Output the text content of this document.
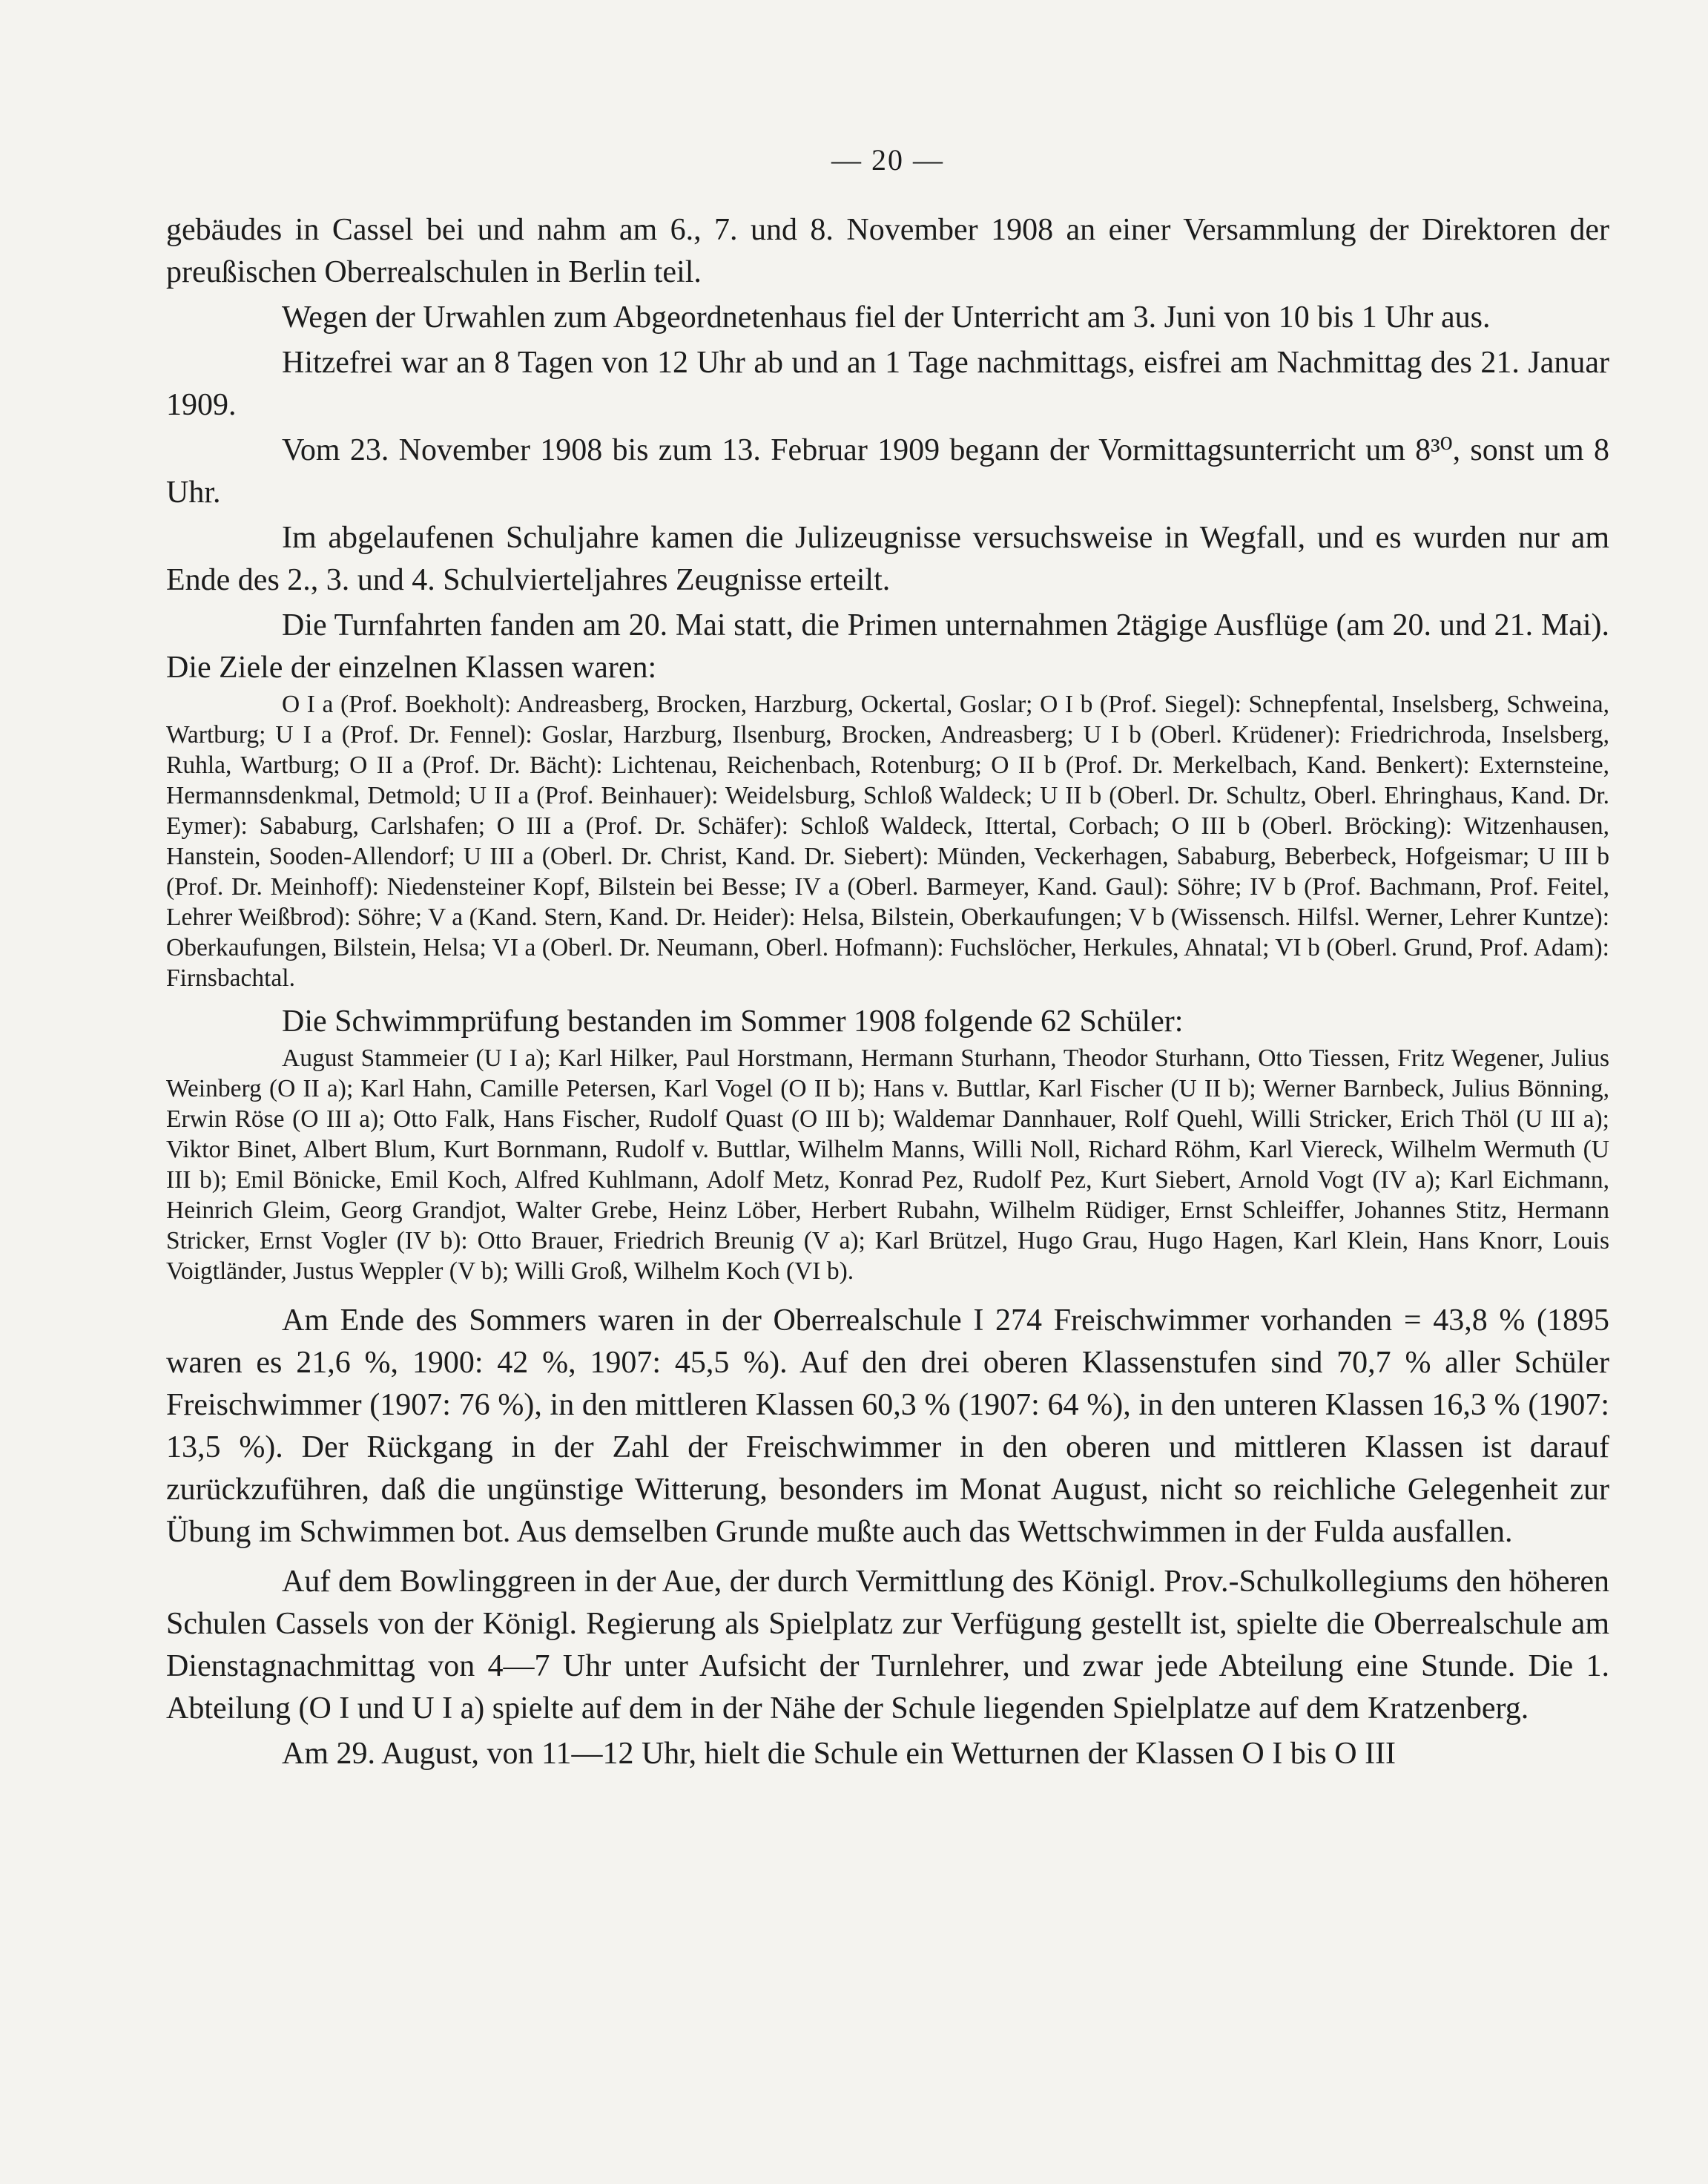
— 20 —

gebäudes in Cassel bei und nahm am 6., 7. und 8. November 1908 an einer Versammlung der Direktoren der preußischen Oberrealschulen in Berlin teil.

Wegen der Urwahlen zum Abgeordnetenhaus fiel der Unterricht am 3. Juni von 10 bis 1 Uhr aus.

Hitzefrei war an 8 Tagen von 12 Uhr ab und an 1 Tage nachmittags, eisfrei am Nachmittag des 21. Januar 1909.

Vom 23. November 1908 bis zum 13. Februar 1909 begann der Vormittagsunterricht um 8³⁰, sonst um 8 Uhr.

Im abgelaufenen Schuljahre kamen die Julizeugnisse versuchsweise in Wegfall, und es wurden nur am Ende des 2., 3. und 4. Schulvierteljahres Zeugnisse erteilt.

Die Turnfahrten fanden am 20. Mai statt, die Primen unternahmen 2tägige Ausflüge (am 20. und 21. Mai). Die Ziele der einzelnen Klassen waren:

O I a (Prof. Boekholt): Andreasberg, Brocken, Harzburg, Ockertal, Goslar; O I b (Prof. Siegel): Schnepfental, Inselsberg, Schweina, Wartburg; U I a (Prof. Dr. Fennel): Goslar, Harzburg, Ilsenburg, Brocken, Andreasberg; U I b (Oberl. Krüdener): Friedrichroda, Inselsberg, Ruhla, Wartburg; O II a (Prof. Dr. Bächt): Lichtenau, Reichenbach, Rotenburg; O II b (Prof. Dr. Merkelbach, Kand. Benkert): Externsteine, Hermannsdenkmal, Detmold; U II a (Prof. Beinhauer): Weidelsburg, Schloß Waldeck; U II b (Oberl. Dr. Schultz, Oberl. Ehringhaus, Kand. Dr. Eymer): Sababurg, Carlshafen; O III a (Prof. Dr. Schäfer): Schloß Waldeck, Ittertal, Corbach; O III b (Oberl. Bröcking): Witzenhausen, Hanstein, Sooden-Allendorf; U III a (Oberl. Dr. Christ, Kand. Dr. Siebert): Münden, Veckerhagen, Sababurg, Beberbeck, Hofgeismar; U III b (Prof. Dr. Meinhoff): Niedensteiner Kopf, Bilstein bei Besse; IV a (Oberl. Barmeyer, Kand. Gaul): Söhre; IV b (Prof. Bachmann, Prof. Feitel, Lehrer Weißbrod): Söhre; V a (Kand. Stern, Kand. Dr. Heider): Helsa, Bilstein, Oberkaufungen; V b (Wissensch. Hilfsl. Werner, Lehrer Kuntze): Oberkaufungen, Bilstein, Helsa; VI a (Oberl. Dr. Neumann, Oberl. Hofmann): Fuchslöcher, Herkules, Ahnatal; VI b (Oberl. Grund, Prof. Adam): Firnsbachtal.

Die Schwimmprüfung bestanden im Sommer 1908 folgende 62 Schüler:

August Stammeier (U I a); Karl Hilker, Paul Horstmann, Hermann Sturhann, Theodor Sturhann, Otto Tiessen, Fritz Wegener, Julius Weinberg (O II a); Karl Hahn, Camille Petersen, Karl Vogel (O II b); Hans v. Buttlar, Karl Fischer (U II b); Werner Barnbeck, Julius Bönning, Erwin Röse (O III a); Otto Falk, Hans Fischer, Rudolf Quast (O III b); Waldemar Dannhauer, Rolf Quehl, Willi Stricker, Erich Thöl (U III a); Viktor Binet, Albert Blum, Kurt Bornmann, Rudolf v. Buttlar, Wilhelm Manns, Willi Noll, Richard Röhm, Karl Viereck, Wilhelm Wermuth (U III b); Emil Bönicke, Emil Koch, Alfred Kuhlmann, Adolf Metz, Konrad Pez, Rudolf Pez, Kurt Siebert, Arnold Vogt (IV a); Karl Eichmann, Heinrich Gleim, Georg Grandjot, Walter Grebe, Heinz Löber, Herbert Rubahn, Wilhelm Rüdiger, Ernst Schleiffer, Johannes Stitz, Hermann Stricker, Ernst Vogler (IV b): Otto Brauer, Friedrich Breunig (V a); Karl Brützel, Hugo Grau, Hugo Hagen, Karl Klein, Hans Knorr, Louis Voigtländer, Justus Weppler (V b); Willi Groß, Wilhelm Koch (VI b).

Am Ende des Sommers waren in der Oberrealschule I 274 Freischwimmer vorhanden = 43,8 % (1895 waren es 21,6 %, 1900: 42 %, 1907: 45,5 %). Auf den drei oberen Klassenstufen sind 70,7 % aller Schüler Freischwimmer (1907: 76 %), in den mittleren Klassen 60,3 % (1907: 64 %), in den unteren Klassen 16,3 % (1907: 13,5 %). Der Rückgang in der Zahl der Freischwimmer in den oberen und mittleren Klassen ist darauf zurückzuführen, daß die ungünstige Witterung, besonders im Monat August, nicht so reichliche Gelegenheit zur Übung im Schwimmen bot. Aus demselben Grunde mußte auch das Wettschwimmen in der Fulda ausfallen.

Auf dem Bowlinggreen in der Aue, der durch Vermittlung des Königl. Prov.-Schulkollegiums den höheren Schulen Cassels von der Königl. Regierung als Spielplatz zur Verfügung gestellt ist, spielte die Oberrealschule am Dienstagnachmittag von 4—7 Uhr unter Aufsicht der Turnlehrer, und zwar jede Abteilung eine Stunde. Die 1. Abteilung (O I und U I a) spielte auf dem in der Nähe der Schule liegenden Spielplatze auf dem Kratzenberg.

Am 29. August, von 11—12 Uhr, hielt die Schule ein Wetturnen der Klassen O I bis O III
